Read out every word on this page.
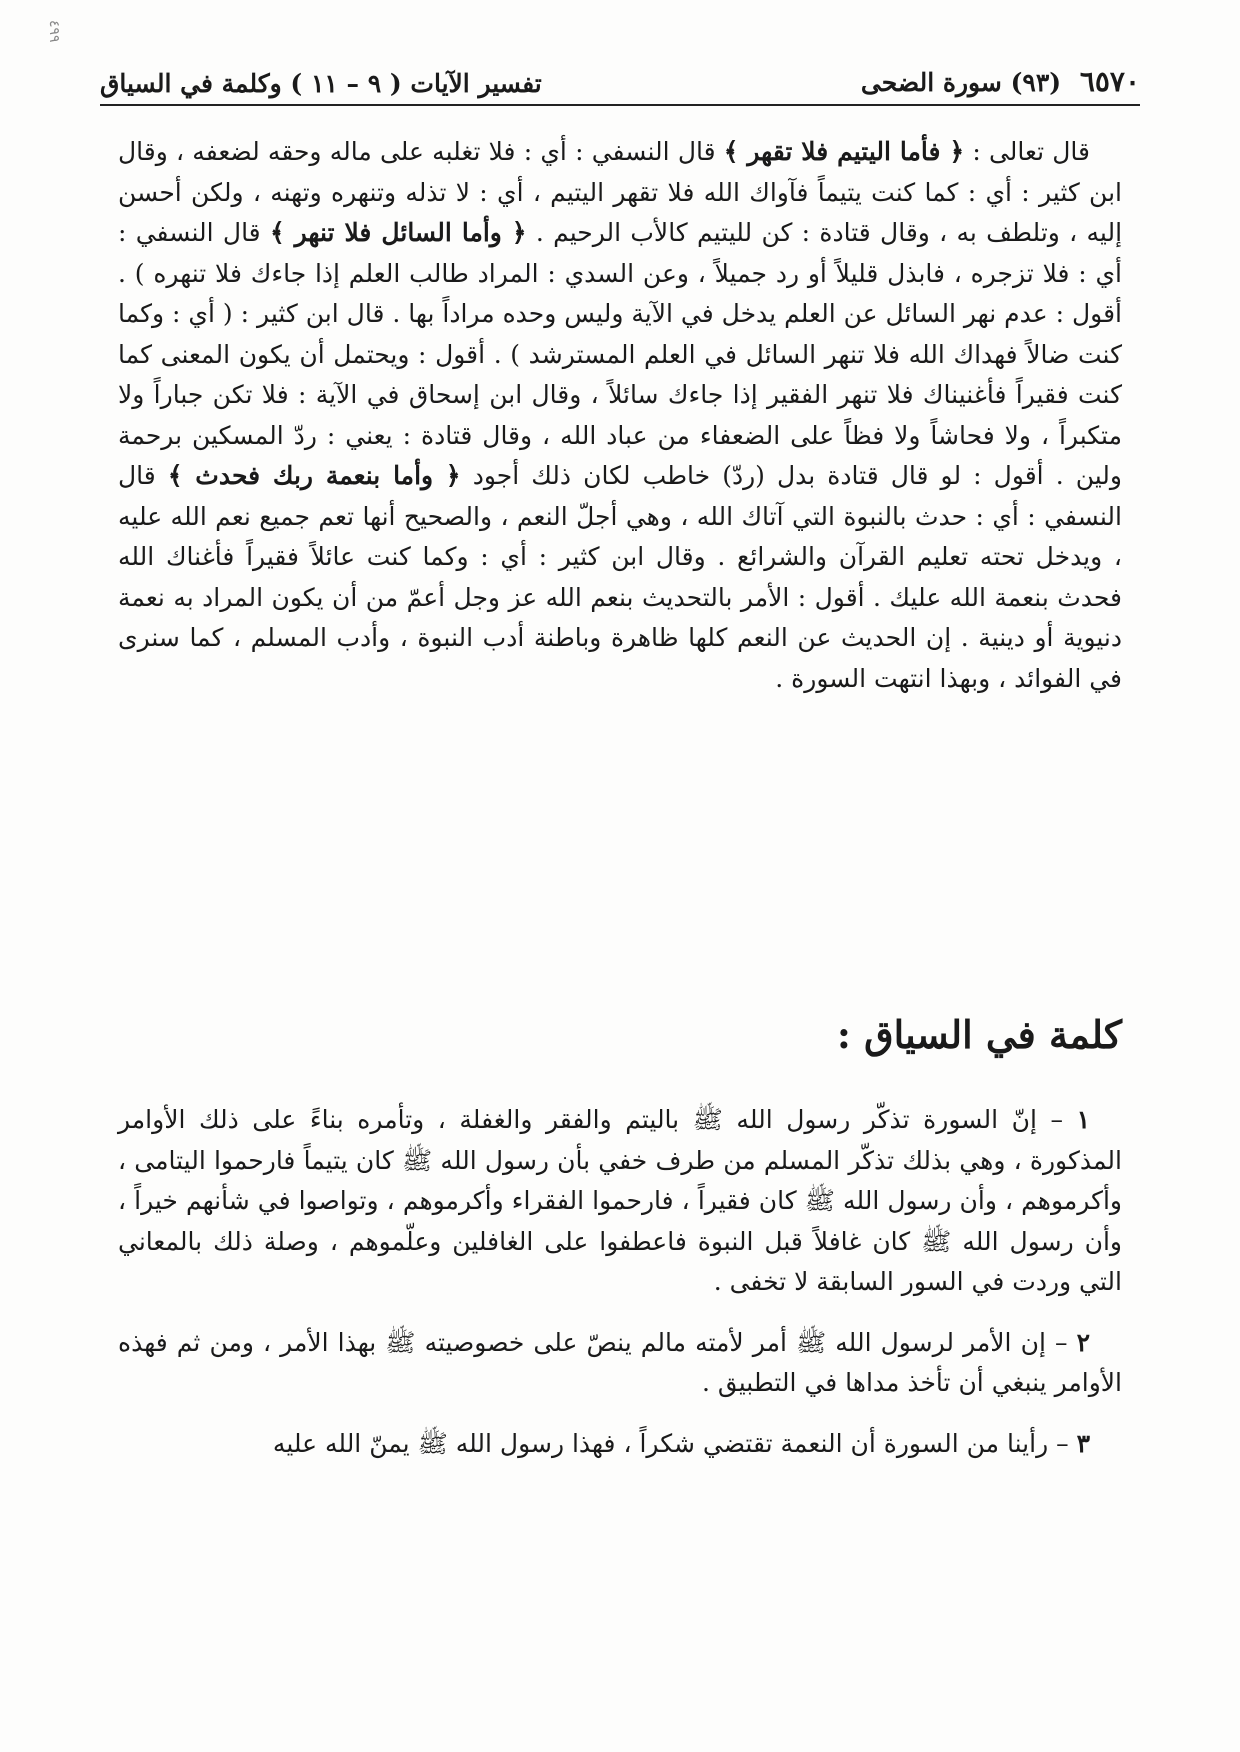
٤٩٩
٦٥٧٠ (٩٣) سورة الضحى
تفسير الآيات ( ٩ – ١١ ) وكلمة في السياق

قال تعالى : ﴿ فأما اليتيم فلا تقهر ﴾ قال النسفي : أي : فلا تغلبه على ماله وحقه لضعفه ، وقال ابن كثير : أي : كما كنت يتيماً فآواك الله فلا تقهر اليتيم ، أي : لا تذله وتنهره وتهنه ، ولكن أحسن إليه ، وتلطف به ، وقال قتادة : كن لليتيم كالأب الرحيم . ﴿ وأما السائل فلا تنهر ﴾ قال النسفي : أي : فلا تزجره ، فابذل قليلاً أو رد جميلاً ، وعن السدي : المراد طالب العلم إذا جاءك فلا تنهره ) . أقول : عدم نهر السائل عن العلم يدخل في الآية وليس وحده مراداً بها . قال ابن كثير : ( أي : وكما كنت ضالاً فهداك الله فلا تنهر السائل في العلم المسترشد ) . أقول : ويحتمل أن يكون المعنى كما كنت فقيراً فأغنيناك فلا تنهر الفقير إذا جاءك سائلاً ، وقال ابن إسحاق في الآية : فلا تكن جباراً ولا متكبراً ، ولا فحاشاً ولا فظاً على الضعفاء من عباد الله ، وقال قتادة : يعني : ردّ المسكين برحمة ولين . أقول : لو قال قتادة بدل (ردّ) خاطب لكان ذلك أجود ﴿ وأما بنعمة ربك فحدث ﴾ قال النسفي : أي : حدث بالنبوة التي آتاك الله ، وهي أجلّ النعم ، والصحيح أنها تعم جميع نعم الله عليه ، ويدخل تحته تعليم القرآن والشرائع . وقال ابن كثير : أي : وكما كنت عائلاً فقيراً فأغناك الله فحدث بنعمة الله عليك . أقول : الأمر بالتحديث بنعم الله عز وجل أعمّ من أن يكون المراد به نعمة دنيوية أو دينية . إن الحديث عن النعم كلها ظاهرة وباطنة أدب النبوة ، وأدب المسلم ، كما سنرى في الفوائد ، وبهذا انتهت السورة .

كلمة في السياق :

١ – إنّ السورة تذكّر رسول الله ﷺ باليتم والفقر والغفلة ، وتأمره بناءً على ذلك الأوامر المذكورة ، وهي بذلك تذكّر المسلم من طرف خفي بأن رسول الله ﷺ كان يتيماً فارحموا اليتامى ، وأكرموهم ، وأن رسول الله ﷺ كان فقيراً ، فارحموا الفقراء وأكرموهم ، وتواصوا في شأنهم خيراً ، وأن رسول الله ﷺ كان غافلاً قبل النبوة فاعطفوا على الغافلين وعلّموهم ، وصلة ذلك بالمعاني التي وردت في السور السابقة لا تخفى .

٢ – إن الأمر لرسول الله ﷺ أمر لأمته مالم ينصّ على خصوصيته ﷺ بهذا الأمر ، ومن ثم فهذه الأوامر ينبغي أن تأخذ مداها في التطبيق .

٣ – رأينا من السورة أن النعمة تقتضي شكراً ، فهذا رسول الله ﷺ يمنّ الله عليه
